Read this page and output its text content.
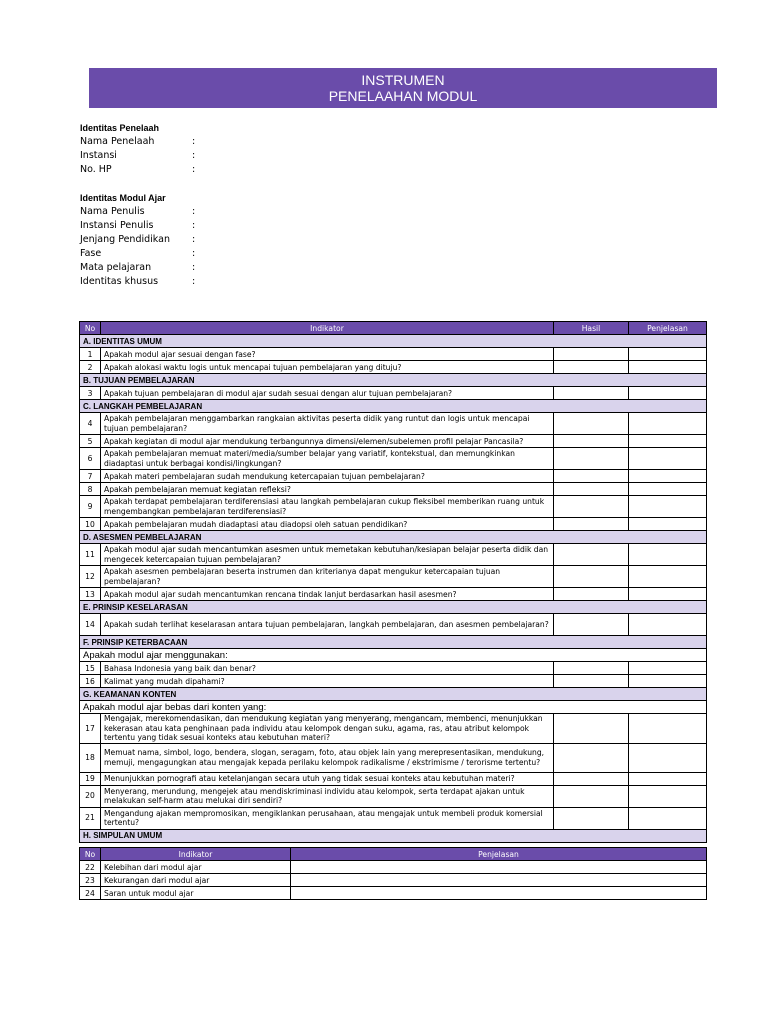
INSTRUMEN
PENELAAHAN MODUL
Identitas Penelaah
Nama Penelaah	:
Instansi	:
No. HP	:
Identitas Modul Ajar
Nama Penulis	:
Instansi Penulis	:
Jenjang Pendidikan :
Fase	:
Mata pelajaran	:
Identitas khusus	:
No	Indikator	Hasil	Penjelasan
A. IDENTITAS UMUM			
1	Apakah modul ajar sesuai dengan fase?		
2	Apakah alokasi waktu logis untuk mencapai tujuan pembelajaran yang dituju?		
B. TUJUAN PEMBELAJARAN			
3	Apakah tujuan pembelajaran di modul ajar sudah sesuai dengan alur tujuan pembelajaran?		
C. LANGKAH PEMBELAJARAN			
4	Apakah pembelajaran menggambarkan rangkaian aktivitas peserta didik yang runtut dan logis untuk mencapai tujuan pembelajaran?		
5	Apakah kegiatan di modul ajar mendukung terbangunnya dimensi/elemen/subelemen profil pelajar Pancasila?		
6	Apakah pembelajaran memuat materi/media/sumber belajar yang variatif, kontekstual, dan memungkinkan diadaptasi untuk berbagai kondisi/lingkungan?		
7	Apakah materi pembelajaran sudah mendukung ketercapaian tujuan pembelajaran?		
8	Apakah pembelajaran memuat kegiatan refleksi?		
9	Apakah terdapat pembelajaran terdiferensiasi atau langkah pembelajaran cukup fleksibel memberikan ruang untuk mengembangkan pembelajaran terdiferensiasi?		
10	Apakah pembelajaran mudah diadaptasi atau diadopsi oleh satuan pendidikan?		
D. ASESMEN PEMBELAJARAN			
11	Apakah modul ajar sudah mencantumkan asesmen untuk memetakan kebutuhan/kesiapan belajar peserta didik dan mengecek ketercapaian tujuan pembelajaran?		
12	Apakah asesmen pembelajaran beserta instrumen dan kriterianya dapat mengukur ketercapaian tujuan pembelajaran?		
13	Apakah modul ajar sudah mencantumkan rencana tindak lanjut berdasarkan hasil asesmen?		
E. PRINSIP KESELARASAN			
14	Apakah sudah terlihat keselarasan antara tujuan pembelajaran, langkah pembelajaran, dan asesmen pembelajaran?		
F. PRINSIP KETERBACAAN			
Apakah modul ajar menggunakan:			
15	Bahasa Indonesia yang baik dan benar?		
16	Kalimat yang mudah dipahami?		
G. KEAMANAN KONTEN			
Apakah modul ajar bebas dari konten yang:			
17	Mengajak, merekomendasikan, dan mendukung kegiatan yang menyerang, mengancam, membenci, menunjukkan kekerasan atau kata penghinaan pada individu atau kelompok dengan suku, agama, ras, atau atribut kelompok tertentu yang tidak sesuai konteks atau kebutuhan materi?		
18	Memuat nama, simbol, logo, bendera, slogan, seragam, foto, atau objek lain yang merepresentasikan, mendukung, memuji, mengagungkan atau mengajak kepada perilaku kelompok radikalisme / ekstrimisme / terorisme tertentu?		
19	Menunjukkan pornografi atau ketelanjangan secara utuh yang tidak sesuai konteks atau kebutuhan materi?		
20	Menyerang, merundung, mengejek atau mendiskriminasi individu atau kelompok, serta terdapat ajakan untuk melakukan self-harm atau melukai diri sendiri?		
21	Mengandung ajakan mempromosikan, mengiklankan perusahaan, atau mengajak untuk membeli produk komersial tertentu?		
H. SIMPULAN UMUM			
No	Indikator	Penjelasan
22	Kelebihan dari modul ajar	
23	Kekurangan dari modul ajar	
24	Saran untuk modul ajar	
